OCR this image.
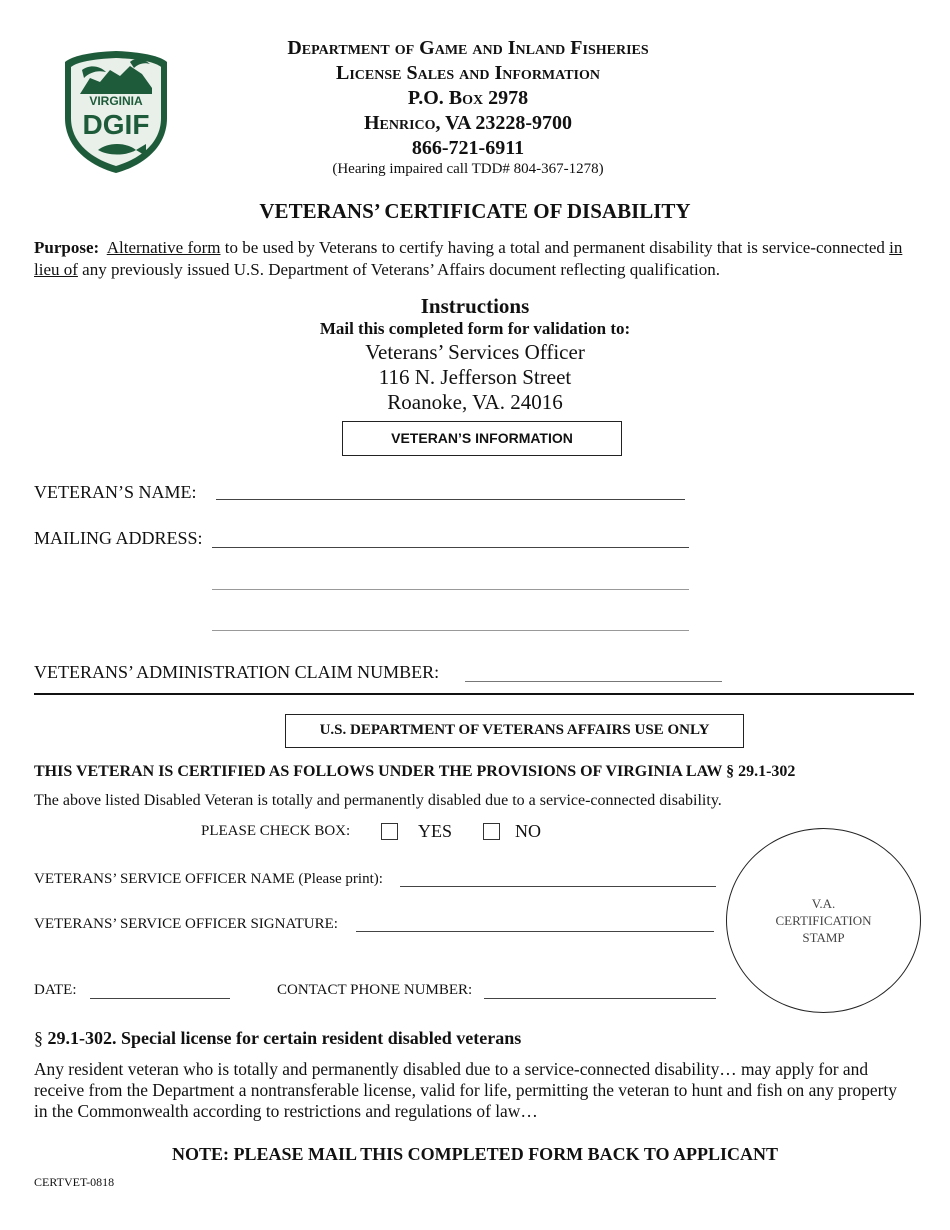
VIRGINIA
DGIF
Department of Game and Inland Fisheries
License Sales and Information
P.O. Box 2978
Henrico, VA 23228-9700
866-721-6911
(Hearing impaired call TDD# 804-367-1278)
VETERANS’ CERTIFICATE OF DISABILITY
Purpose: Alternative form to be used by Veterans to certify having a total and permanent disability that is service-connected in lieu of any previously issued U.S. Department of Veterans’ Affairs document reflecting qualification.
Instructions
Mail this completed form for validation to:
Veterans’ Services Officer
116 N. Jefferson Street
Roanoke, VA. 24016
VETERAN’S INFORMATION
VETERAN’S NAME:
MAILING ADDRESS:
VETERANS’ ADMINISTRATION CLAIM NUMBER:
U.S. DEPARTMENT OF VETERANS AFFAIRS USE ONLY
THIS VETERAN IS CERTIFIED AS FOLLOWS UNDER THE PROVISIONS OF VIRGINIA LAW § 29.1-302
The above listed Disabled Veteran is totally and permanently disabled due to a service-connected disability.
PLEASE CHECK BOX:	YES	NO
VETERANS’ SERVICE OFFICER NAME (Please print):
VETERANS’ SERVICE OFFICER SIGNATURE:
DATE:	CONTACT PHONE NUMBER:
V.A.
CERTIFICATION
STAMP
§ 29.1-302. Special license for certain resident disabled veterans
Any resident veteran who is totally and permanently disabled due to a service-connected disability… may apply for and receive from the Department a nontransferable license, valid for life, permitting the veteran to hunt and fish on any property in the Commonwealth according to restrictions and regulations of law…
NOTE: PLEASE MAIL THIS COMPLETED FORM BACK TO APPLICANT
CERTVET-0818
